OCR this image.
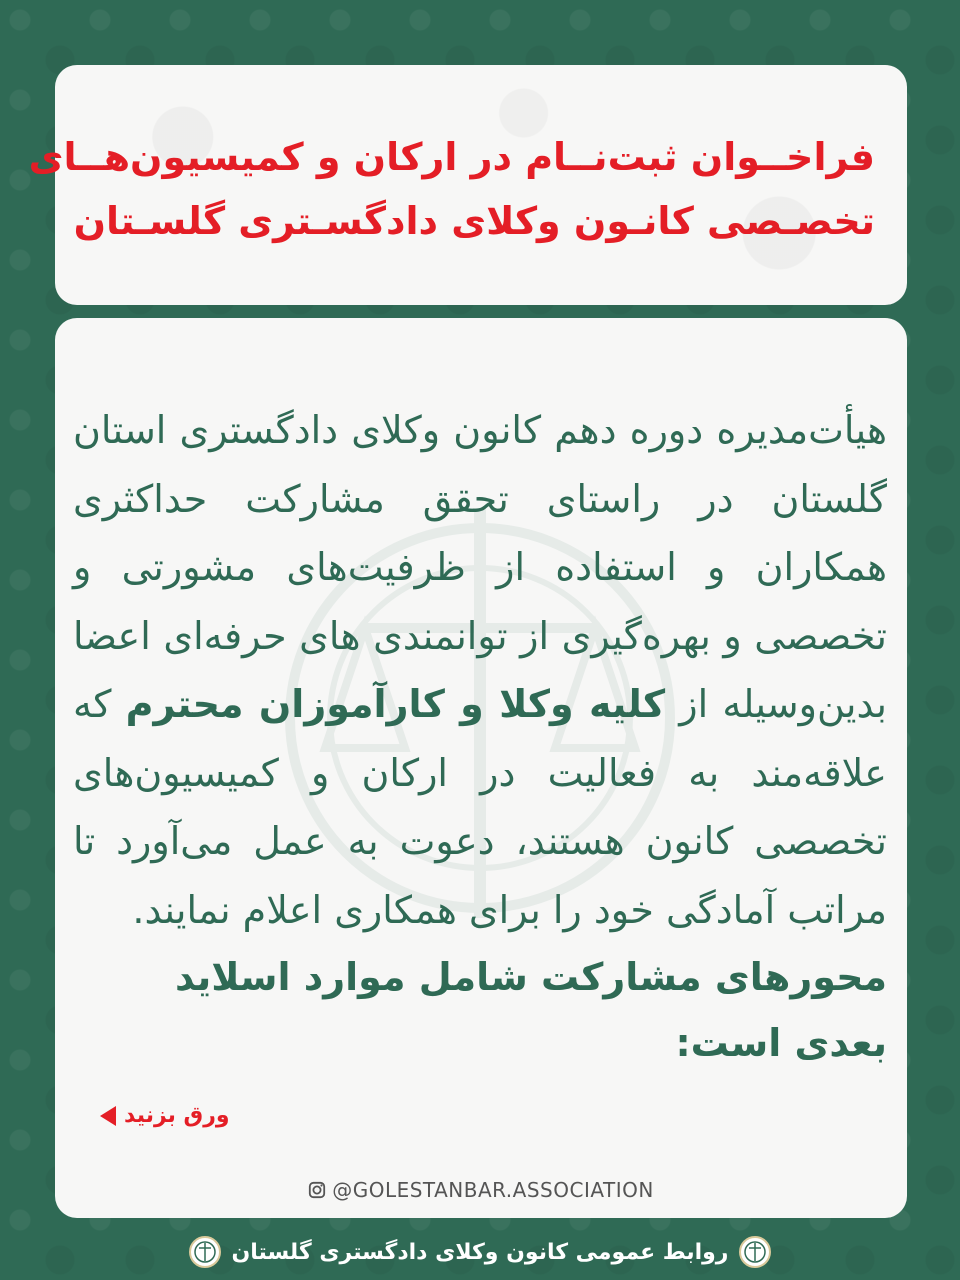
فراخــوان ثبت‌نــام در ارکان و کمیسیون‌هــای
تخصـصی کانـون وکلای دادگسـتری گلسـتان
هیأت‌مدیره دوره دهم کانون وکلای دادگستری استان گلستان در راستای تحقق مشارکت حداکثری همکاران و استفاده از ظرفیت‌های مشورتی و تخصصی و بهره‌گیری از توانمندی های حرفه‌ای اعضا بدین‌وسیله از کلیه وکلا و کارآموزان محترم که علاقه‌مند به فعالیت در ارکان و کمیسیون‌های تخصصی کانون هستند، دعوت به عمل می‌آورد تا مراتب آمادگی خود را برای همکاری اعلام نمایند.
محورهای مشارکت شامل موارد اسلاید بعدی است:
ورق بزنید
@GOLESTANBAR.ASSOCIATION
روابط عمومی کانون وکلای دادگستری گلستان
